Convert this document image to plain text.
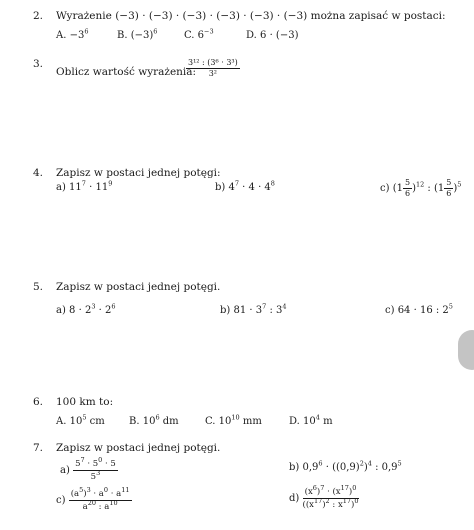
2. Wyrażenie (−3) · (−3) · (−3) · (−3) · (−3) · (−3) można zapisać w postaci:
A. $-3^6$	B. $(-3)^6$	C. $6^{-3}$	D. 6 · (−3)
3.
Oblicz wartość wyrażenia:
$\frac{\text{3¹² : (3⁶ · 3³)}}{\text{3²}}$
4. Zapisz w postaci jednej potęgi:
a) $11^7 \cdot 11^9$	b) $4^7 \cdot 4 \cdot 4^8$	c) $(1 \frac{5}{6} )^{12}$ : $(1 \frac{5}{6} )^5$
5. Zapisz w postaci jednej potęgi.
a) $8 \cdot 2^3 \cdot 2^6$	b) $81 \cdot 3^7$ : $3^4$	c) 64 · 16 : $2^5$
6. 100 km to:
A. $10^5$ cm B. $10^6$ dm	C. $10^{10}$ mm	D. $10^4$ m
7. Zapisz w postaci jednej potęgi.
$a) \frac{5^7 \cdot 5^0 \cdot 5}{5^3}$	b) $0,9^6 \cdot ((0,9)^2)^4$ : $0,9^5$
$c) \frac{(a^5)^3 \cdot a^0 \cdot a^{11}}{a^{20} : a^{10}}$	$d) \frac{(x^6)^7 \cdot (x^{17})^0}{((x^{17})^2 : x^{17})^0}$
